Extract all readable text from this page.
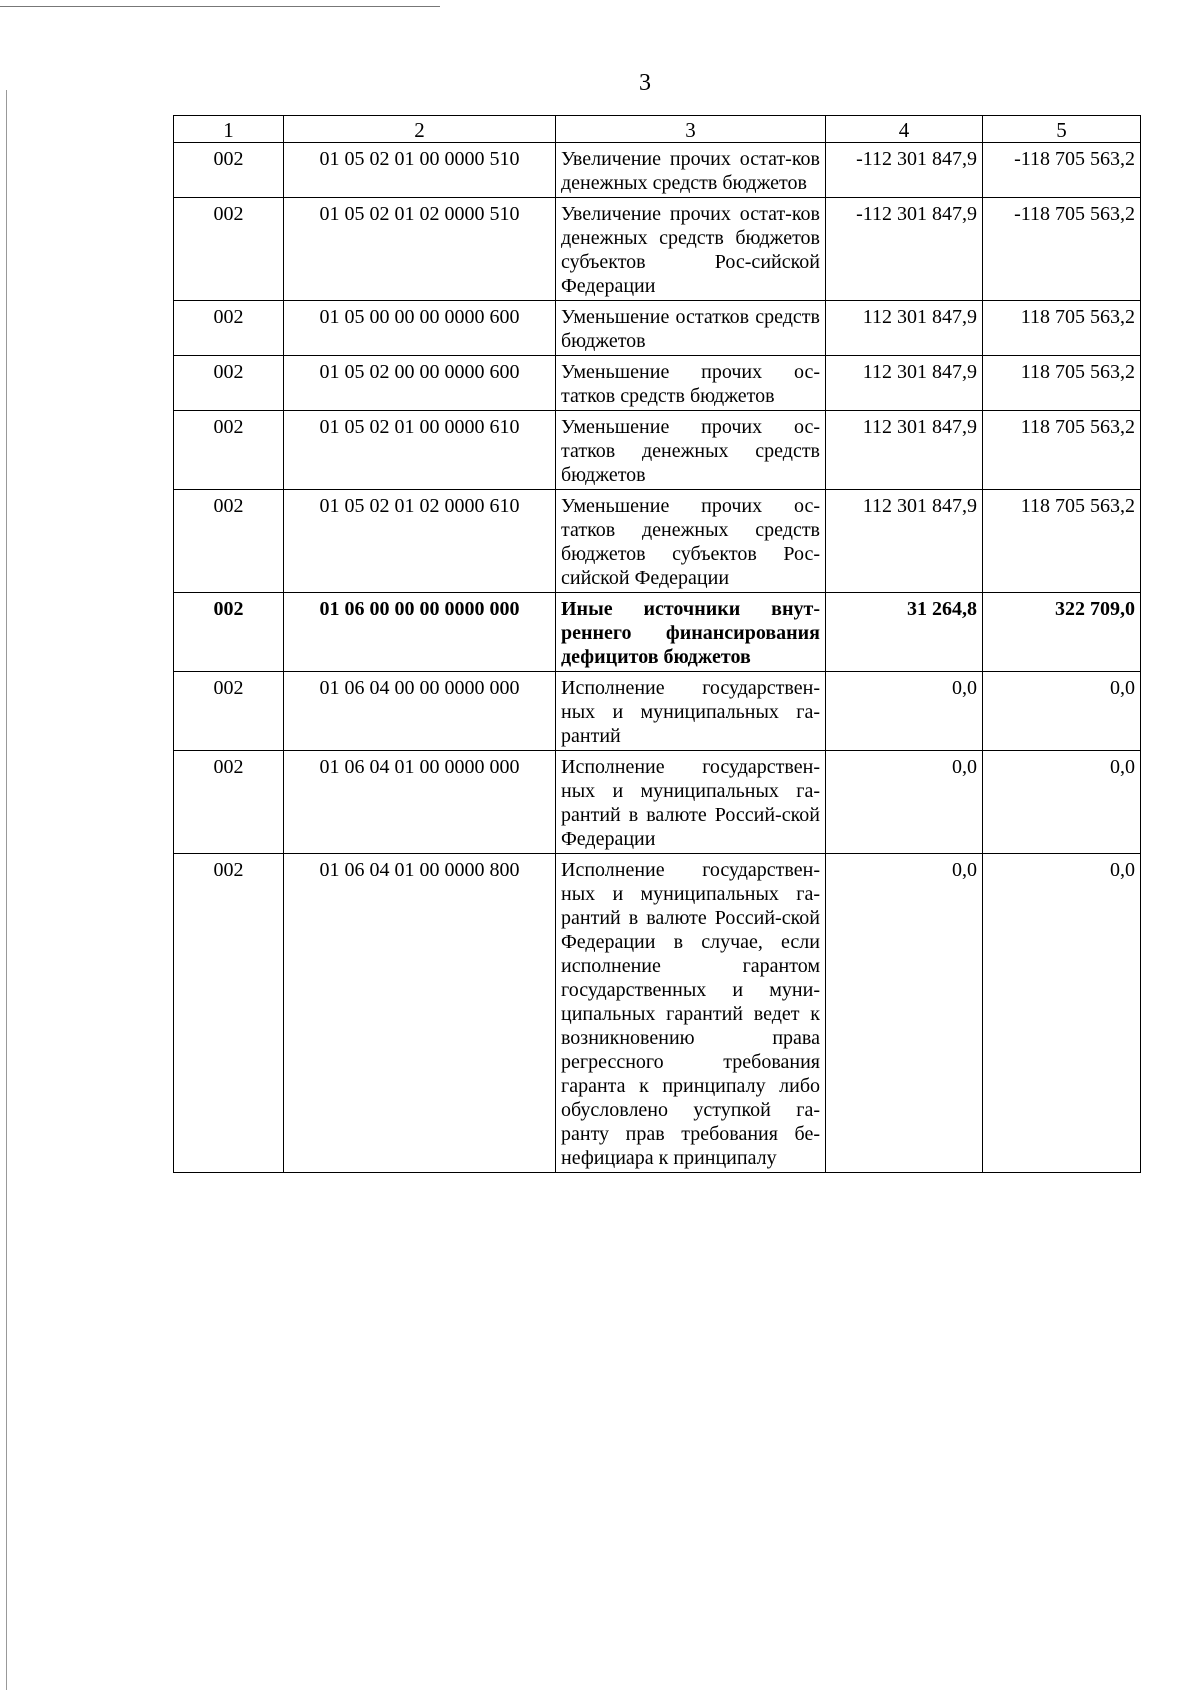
3
1	2	3	4	5
002	01 05 02 01 00 0000 510	Увеличение прочих остат-ков денежных средств бюджетов	-112 301 847,9	-118 705 563,2
002	01 05 02 01 02 0000 510	Увеличение прочих остат-ков денежных средств бюджетов субъектов Рос-сийской Федерации	-112 301 847,9	-118 705 563,2
002	01 05 00 00 00 0000 600	Уменьшение остатков средств бюджетов	112 301 847,9	118 705 563,2
002	01 05 02 00 00 0000 600	Уменьшение прочих ос-татков средств бюджетов	112 301 847,9	118 705 563,2
002	01 05 02 01 00 0000 610	Уменьшение прочих ос-татков денежных средств бюджетов	112 301 847,9	118 705 563,2
002	01 05 02 01 02 0000 610	Уменьшение прочих ос-татков денежных средств бюджетов субъектов Рос-сийской Федерации	112 301 847,9	118 705 563,2
002	01 06 00 00 00 0000 000	Иные источники внут-реннего финансирования дефицитов бюджетов	31 264,8	322 709,0
002	01 06 04 00 00 0000 000	Исполнение государствен-ных и муниципальных га-рантий	0,0	0,0
002	01 06 04 01 00 0000 000	Исполнение государствен-ных и муниципальных га-рантий в валюте Россий-ской Федерации	0,0	0,0
002	01 06 04 01 00 0000 800	Исполнение государствен-ных и муниципальных га-рантий в валюте Россий-ской Федерации в случае, если исполнение гарантом государственных и муни-ципальных гарантий ведет к возникновению права регрессного требования гаранта к принципалу либо обусловлено уступкой га-ранту прав требования бе-нефициара к принципалу	0,0	0,0
